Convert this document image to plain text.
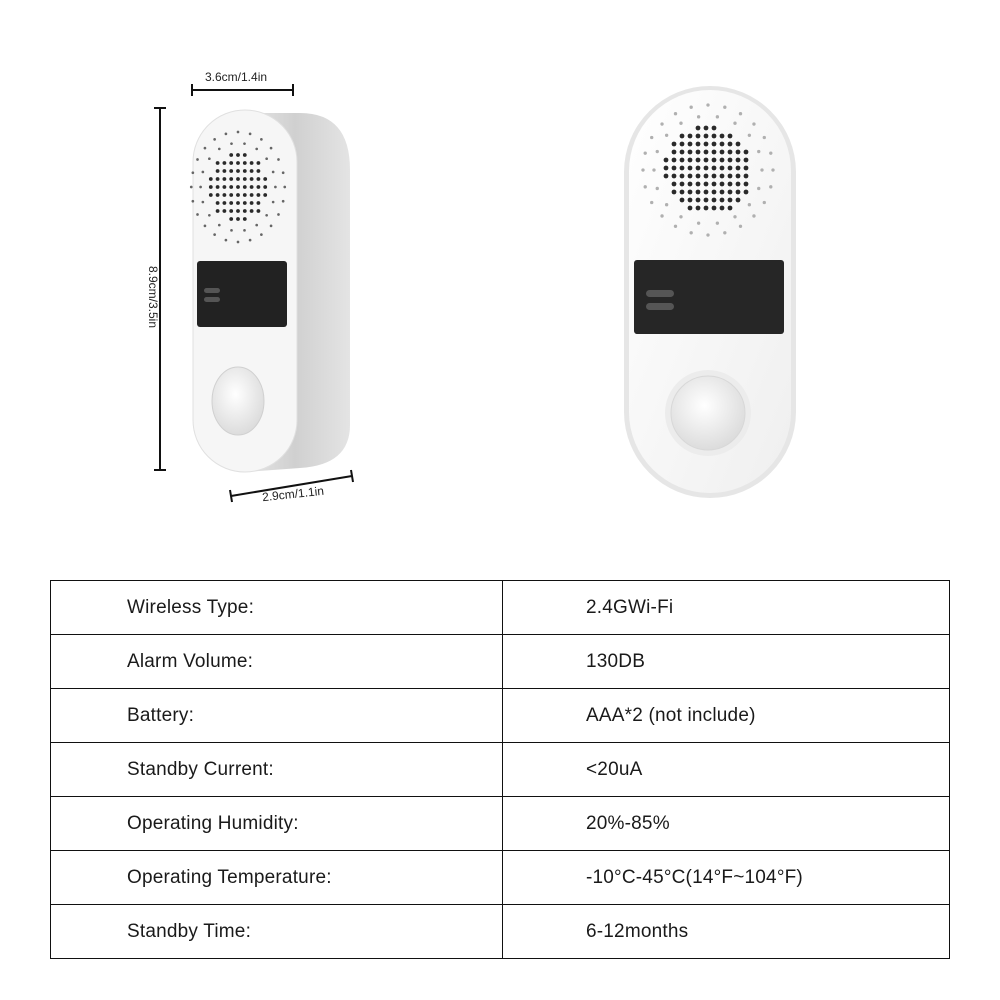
3.6cm/1.4in
8.9cm/3.5in
2.9cm/1.1in
Wireless Type:	2.4GWi-Fi
Alarm Volume:	130DB
Battery:	AAA*2 (not include)
Standby Current:	<20uA
Operating Humidity:	20%-85%
Operating Temperature:	-10°C-45°C(14°F~104°F)
Standby Time:	6-12months
